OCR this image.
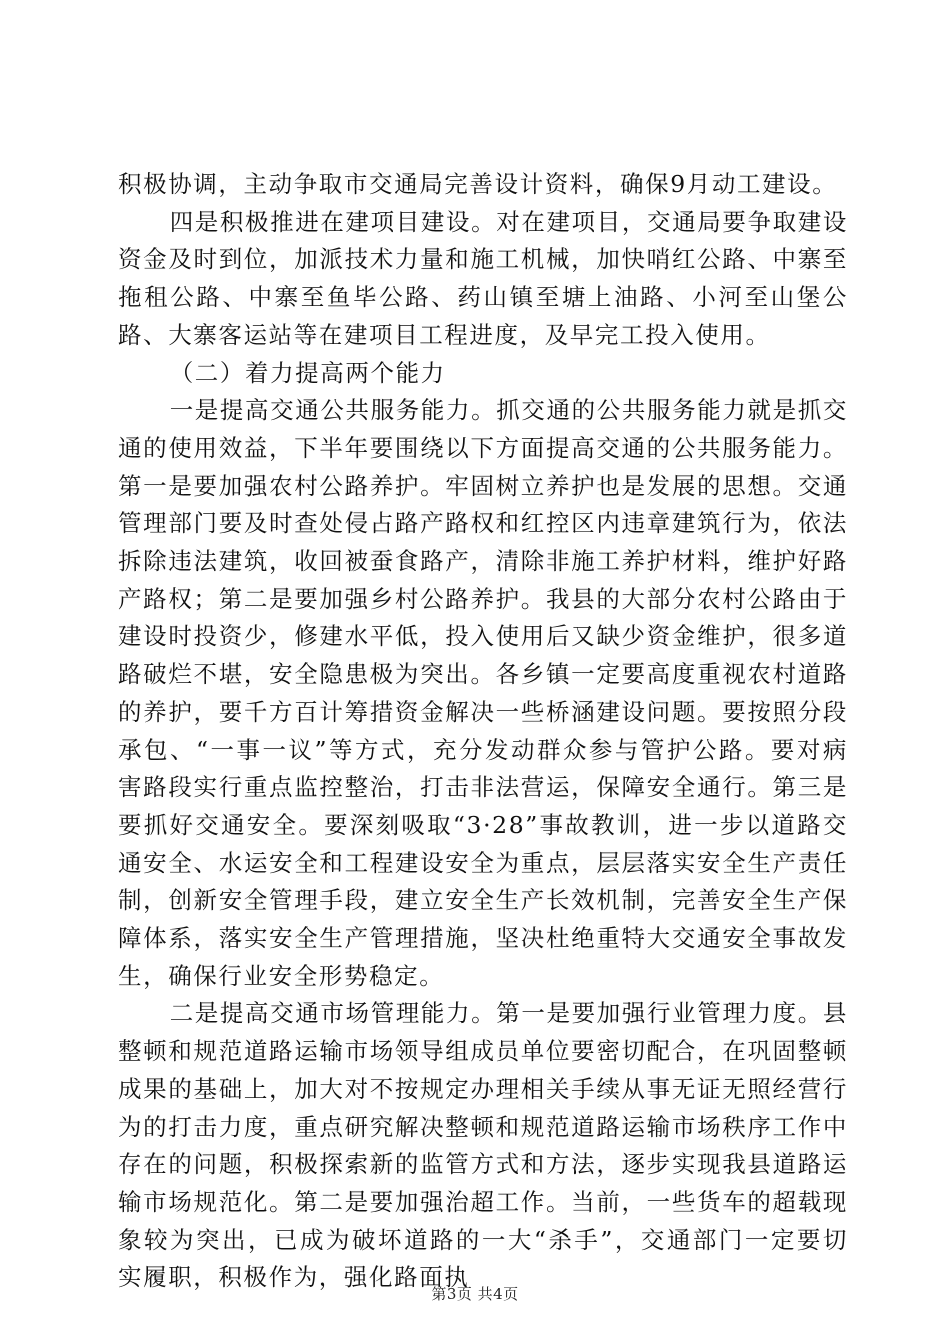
积极协调，主动争取市交通局完善设计资料，确保9月动工建设。

四是积极推进在建项目建设。对在建项目，交通局要争取建设资金及时到位，加派技术力量和施工机械，加快哨红公路、中寨至拖租公路、中寨至鱼毕公路、药山镇至塘上油路、小河至山堡公路、大寨客运站等在建项目工程进度，及早完工投入使用。

（二）着力提高两个能力

一是提高交通公共服务能力。抓交通的公共服务能力就是抓交通的使用效益，下半年要围绕以下方面提高交通的公共服务能力。第一是要加强农村公路养护。牢固树立养护也是发展的思想。交通管理部门要及时查处侵占路产路权和红控区内违章建筑行为，依法拆除违法建筑，收回被蚕食路产，清除非施工养护材料，维护好路产路权；第二是要加强乡村公路养护。我县的大部分农村公路由于建设时投资少，修建水平低，投入使用后又缺少资金维护，很多道路破烂不堪，安全隐患极为突出。各乡镇一定要高度重视农村道路的养护，要千方百计筹措资金解决一些桥涵建设问题。要按照分段承包、“一事一议”等方式，充分发动群众参与管护公路。要对病害路段实行重点监控整治，打击非法营运，保障安全通行。第三是要抓好交通安全。要深刻吸取“3·28”事故教训，进一步以道路交通安全、水运安全和工程建设安全为重点，层层落实安全生产责任制，创新安全管理手段，建立安全生产长效机制，完善安全生产保障体系，落实安全生产管理措施，坚决杜绝重特大交通安全事故发生，确保行业安全形势稳定。

二是提高交通市场管理能力。第一是要加强行业管理力度。县整顿和规范道路运输市场领导组成员单位要密切配合，在巩固整顿成果的基础上，加大对不按规定办理相关手续从事无证无照经营行为的打击力度，重点研究解决整顿和规范道路运输市场秩序工作中存在的问题，积极探索新的监管方式和方法，逐步实现我县道路运输市场规范化。第二是要加强治超工作。当前，一些货车的超载现象较为突出，已成为破坏道路的一大“杀手”，交通部门一定要切实履职，积极作为，强化路面执

第3页 共4页
